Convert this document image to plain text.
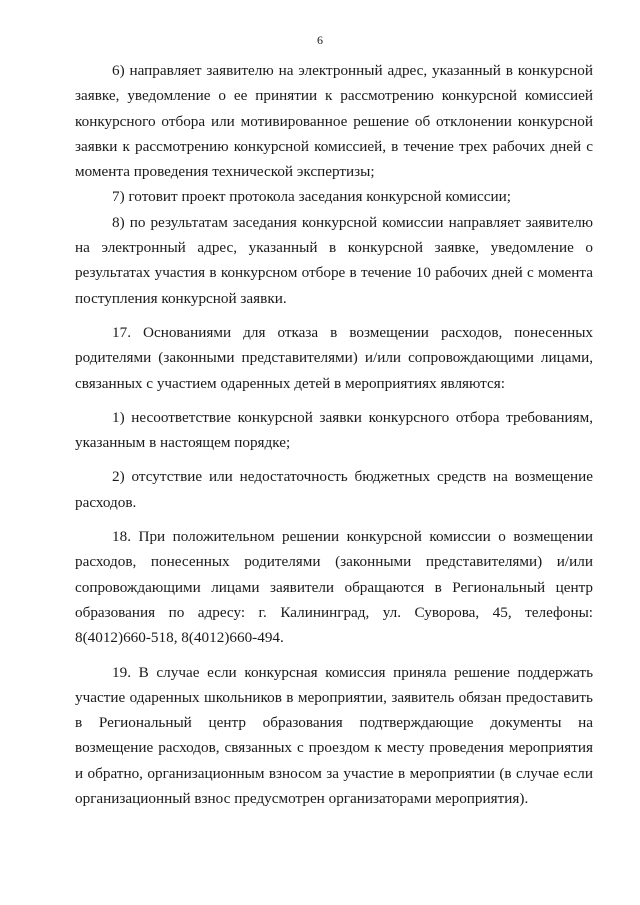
6

6) направляет заявителю на электронный адрес, указанный в конкурсной заявке, уведомление о ее принятии к рассмотрению конкурсной комиссией конкурсного отбора или мотивированное решение об отклонении конкурсной заявки к рассмотрению конкурсной комиссией, в течение трех рабочих дней с момента проведения технической экспертизы;

7) готовит проект протокола заседания конкурсной комиссии;

8) по результатам заседания конкурсной комиссии направляет заявителю на электронный адрес, указанный в конкурсной заявке, уведомление о результатах участия в конкурсном отборе в течение 10 рабочих дней с момента поступления конкурсной заявки.

17. Основаниями для отказа в возмещении расходов, понесенных родителями (законными представителями) и/или сопровождающими лицами, связанных с участием одаренных детей в мероприятиях являются:

1) несоответствие конкурсной заявки конкурсного отбора требованиям, указанным в настоящем порядке;

2) отсутствие или недостаточность бюджетных средств на возмещение расходов.

18. При положительном решении конкурсной комиссии о возмещении расходов, понесенных родителями (законными представителями) и/или сопровождающими лицами заявители обращаются в Региональный центр образования по адресу: г. Калининград, ул. Суворова, 45, телефоны: 8(4012)660-518, 8(4012)660-494.

19. В случае если конкурсная комиссия приняла решение поддержать участие одаренных школьников в мероприятии, заявитель обязан предоставить в Региональный центр образования подтверждающие документы на возмещение расходов, связанных с проездом к месту проведения мероприятия и обратно, организационным взносом за участие в мероприятии (в случае если организационный взнос предусмотрен организаторами мероприятия).
